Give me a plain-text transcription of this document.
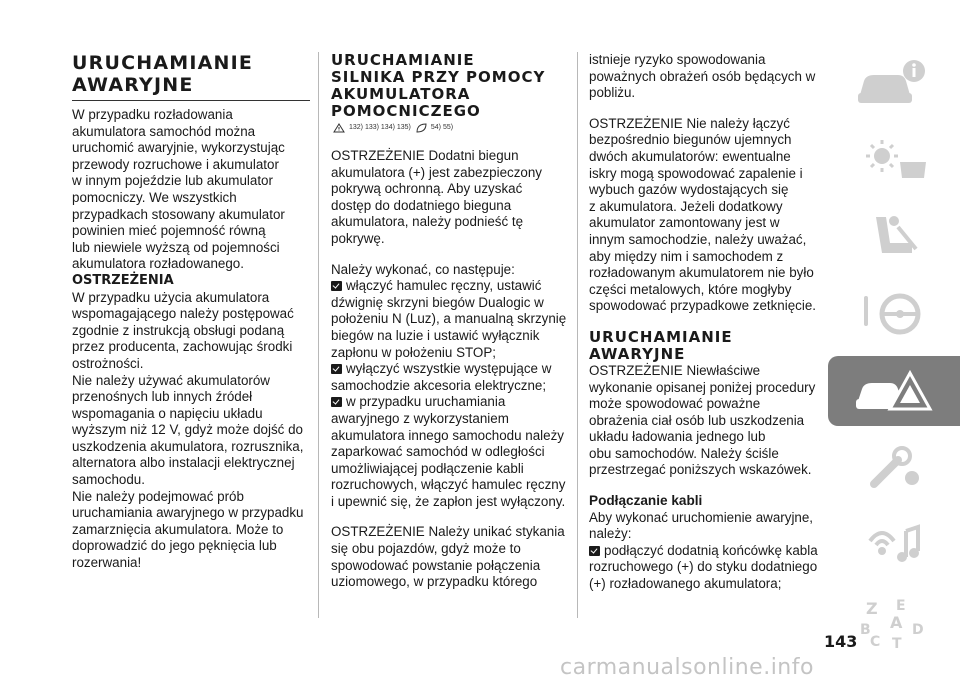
URUCHAMIANIE
AWARYJNE
W przypadku rozładowania
akumulatora samochód można
uruchomić awaryjnie, wykorzystując
przewody rozruchowe i akumulator
w innym pojeździe lub akumulator
pomocniczy. We wszystkich
przypadkach stosowany akumulator
powinien mieć pojemność równą
lub niewiele wyższą od pojemności
akumulatora rozładowanego.
OSTRZEŻENIA
W przypadku użycia akumulatora
wspomagającego należy postępować
zgodnie z instrukcją obsługi podaną
przez producenta, zachowując środki
ostrożności.
Nie należy używać akumulatorów
przenośnych lub innych źródeł
wspomagania o napięciu układu
wyższym niż 12 V, gdyż może dojść do
uszkodzenia akumulatora, rozrusznika,
alternatora albo instalacji elektrycznej
samochodu.
Nie należy podejmować prób
uruchamiania awaryjnego w przypadku
zamarznięcia akumulatora. Może to
doprowadzić do jego pęknięcia lub
rozerwania!
URUCHAMIANIE
SILNIKA PRZY POMOCY
AKUMULATORA
POMOCNICZEGO
132) 133) 134) 135)	54) 55)
OSTRZEŻENIE Dodatni biegun
akumulatora (+) jest zabezpieczony
pokrywą ochronną. Aby uzyskać
dostęp do dodatniego bieguna
akumulatora, należy podnieść tę
pokrywę.
Należy wykonać, co następuje:
włączyć hamulec ręczny, ustawić
dźwignię skrzyni biegów Dualogic w
położeniu N (Luz), a manualną skrzynię
biegów na luzie i ustawić wyłącznik
zapłonu w położeniu STOP;
wyłączyć wszystkie występujące w
samochodzie akcesoria elektryczne;
w przypadku uruchamiania
awaryjnego z wykorzystaniem
akumulatora innego samochodu należy
zaparkować samochód w odległości
umożliwiającej podłączenie kabli
rozruchowych, włączyć hamulec ręczny
i upewnić się, że zapłon jest wyłączony.
OSTRZEŻENIE Należy unikać stykania
się obu pojazdów, gdyż może to
spowodować powstanie połączenia
uziomowego, w przypadku którego
istnieje ryzyko spowodowania
poważnych obrażeń osób będących w
pobliżu.
OSTRZEŻENIE Nie należy łączyć
bezpośrednio biegunów ujemnych
dwóch akumulatorów: ewentualne
iskry mogą spowodować zapalenie i
wybuch gazów wydostających się
z akumulatora. Jeżeli dodatkowy
akumulator zamontowany jest w
innym samochodzie, należy uważać,
aby między nim i samochodem z
rozładowanym akumulatorem nie było
części metalowych, które mogłyby
spowodować przypadkowe zetknięcie.
URUCHAMIANIE
AWARYJNE
OSTRZEŻENIE Niewłaściwe
wykonanie opisanej poniżej procedury
może spowodować poważne
obrażenia ciał osób lub uszkodzenia
układu ładowania jednego lub
obu samochodów. Należy ściśle
przestrzegać poniższych wskazówek.
Podłączanie kabli
Aby wykonać uruchomienie awaryjne,
należy:
podłączyć dodatnią końcówkę kabla
rozruchowego (+) do styku dodatniego
(+) rozładowanego akumulatora;
Z E
A
B	D
C T
143
carmanualsonline.info
